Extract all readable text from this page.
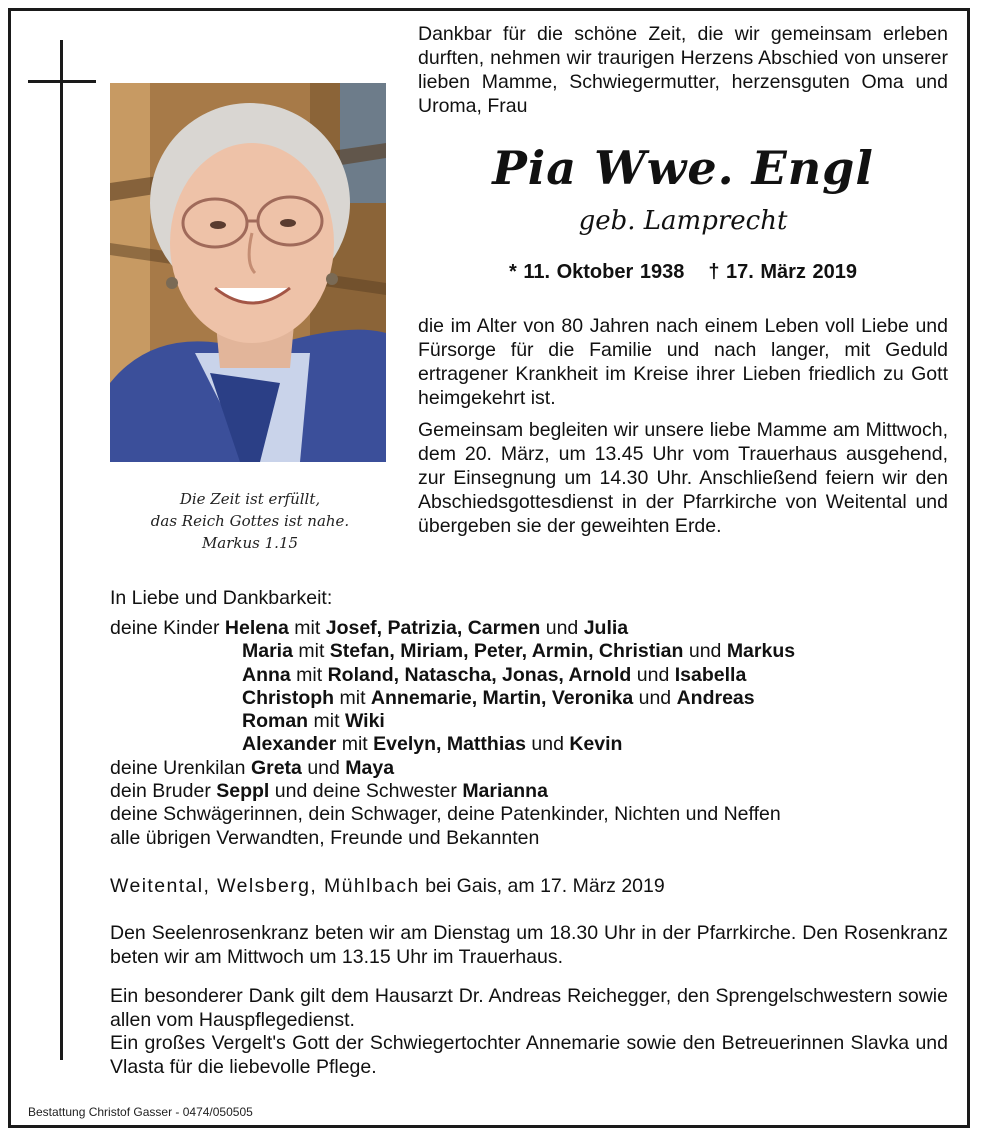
Die Zeit ist erfüllt,
das Reich Gottes ist nahe.
Markus 1.15

Dankbar für die schöne Zeit, die wir gemeinsam erleben durften, nehmen wir traurigen Herzens Abschied von unserer lieben Mamme, Schwiegermutter, herzensguten Oma und Uroma, Frau

Pia Wwe. Engl
geb. Lamprecht
* 11. Oktober 1938 † 17. März 2019

die im Alter von 80 Jahren nach einem Leben voll Liebe und Fürsorge für die Familie und nach langer, mit Geduld ertragener Krankheit im Kreise ihrer Lieben friedlich zu Gott heimgekehrt ist.

Gemeinsam begleiten wir unsere liebe Mamme am Mittwoch, dem 20. März, um 13.45 Uhr vom Trauerhaus ausgehend, zur Einsegnung um 14.30 Uhr. Anschließend feiern wir den Abschiedsgottesdienst in der Pfarrkirche von Weitental und übergeben sie der geweihten Erde.

In Liebe und Dankbarkeit:
deine Kinder Helena mit Josef, Patrizia, Carmen und Julia
Maria mit Stefan, Miriam, Peter, Armin, Christian und Markus
Anna mit Roland, Natascha, Jonas, Arnold und Isabella
Christoph mit Annemarie, Martin, Veronika und Andreas
Roman mit Wiki
Alexander mit Evelyn, Matthias und Kevin
deine Urenkilan Greta und Maya
dein Bruder Seppl und deine Schwester Marianna
deine Schwägerinnen, dein Schwager, deine Patenkinder, Nichten und Neffen
alle übrigen Verwandten, Freunde und Bekannten
Weitental, Welsberg, Mühlbach bei Gais, am 17. März 2019

Den Seelenrosenkranz beten wir am Dienstag um 18.30 Uhr in der Pfarrkirche. Den Rosenkranz beten wir am Mittwoch um 13.15 Uhr im Trauerhaus.

Ein besonderer Dank gilt dem Hausarzt Dr. Andreas Reichegger, den Sprengelschwestern sowie allen vom Hauspflegedienst.

Ein großes Vergelt's Gott der Schwiegertochter Annemarie sowie den Betreuerinnen Slavka und Vlasta für die liebevolle Pflege.

Bestattung Christof Gasser - 0474/050505
